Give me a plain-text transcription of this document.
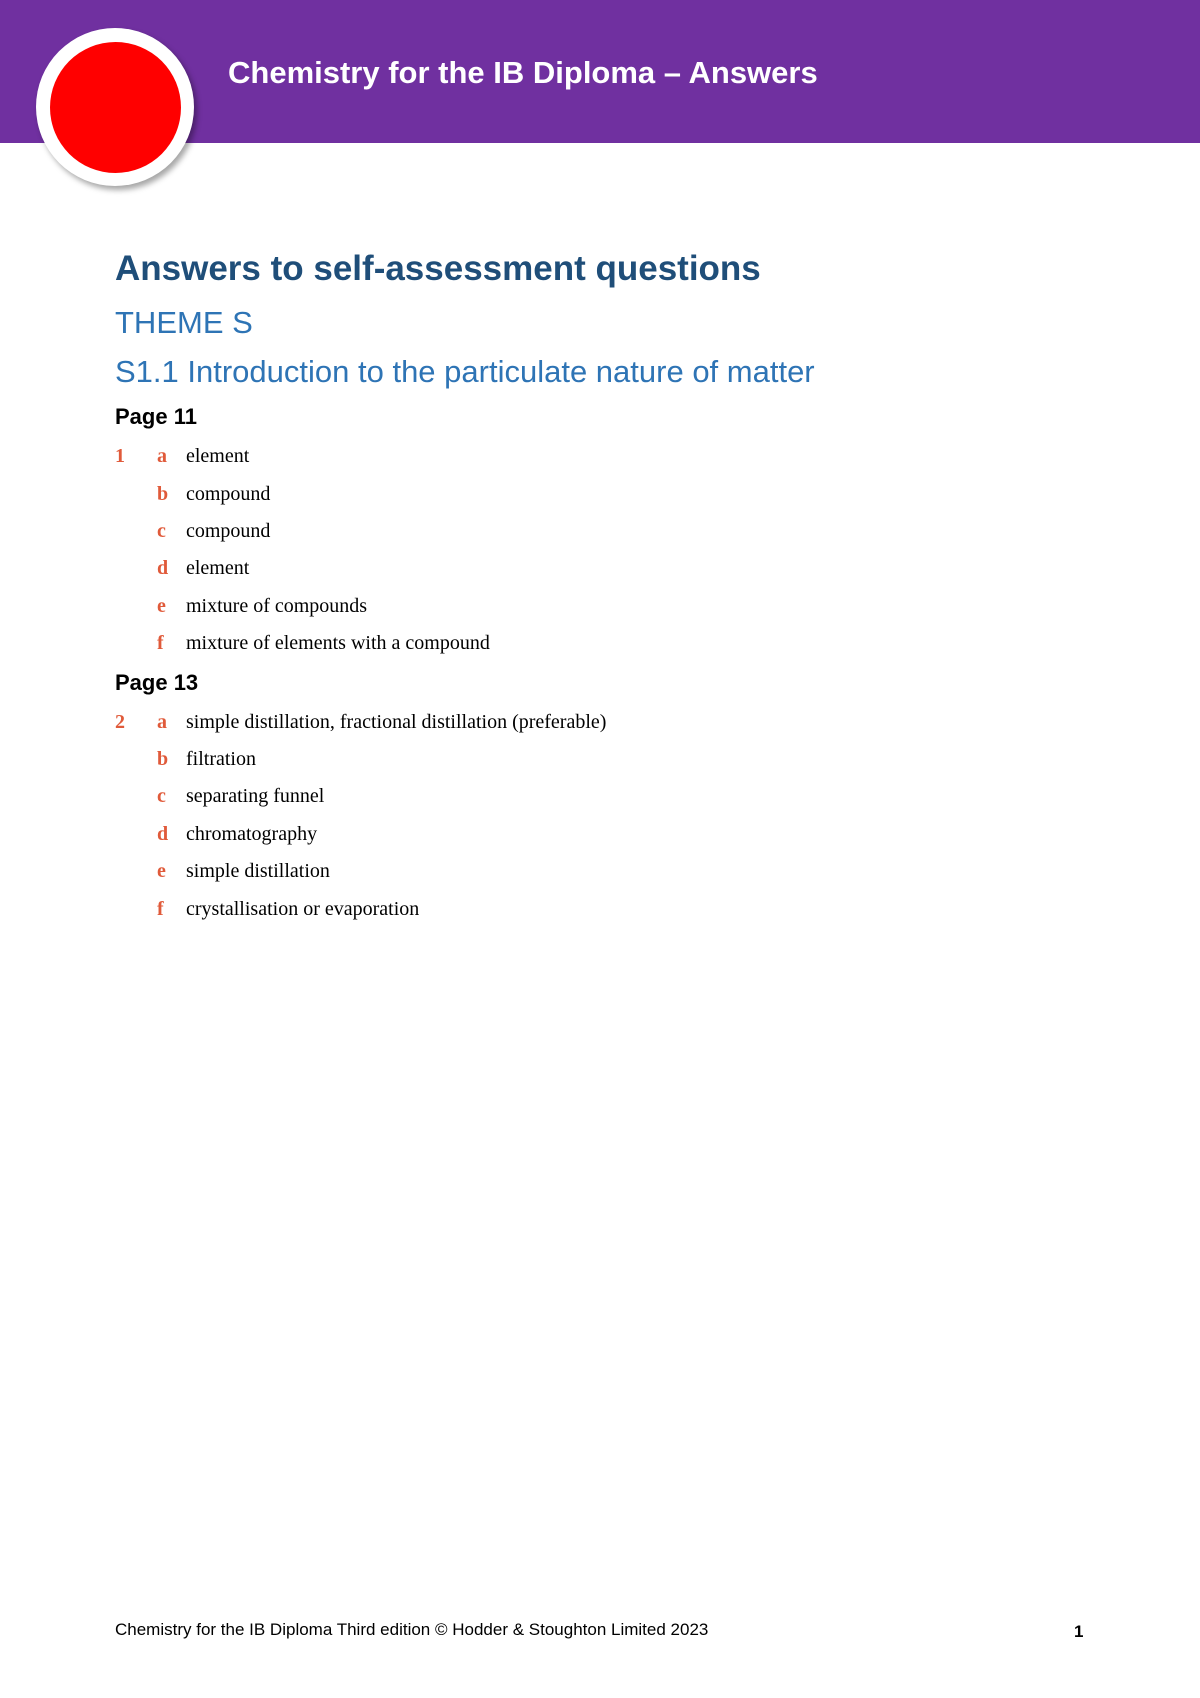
Chemistry for the IB Diploma – Answers
Answers to self-assessment questions
THEME S
S1.1 Introduction to the particulate nature of matter
Page 11
1 a element
b compound
c compound
d element
e mixture of compounds
f mixture of elements with a compound
Page 13
2 a simple distillation, fractional distillation (preferable)
b filtration
c separating funnel
d chromatography
e simple distillation
f crystallisation or evaporation
Chemistry for the IB Diploma Third edition © Hodder & Stoughton Limited 2023	1
